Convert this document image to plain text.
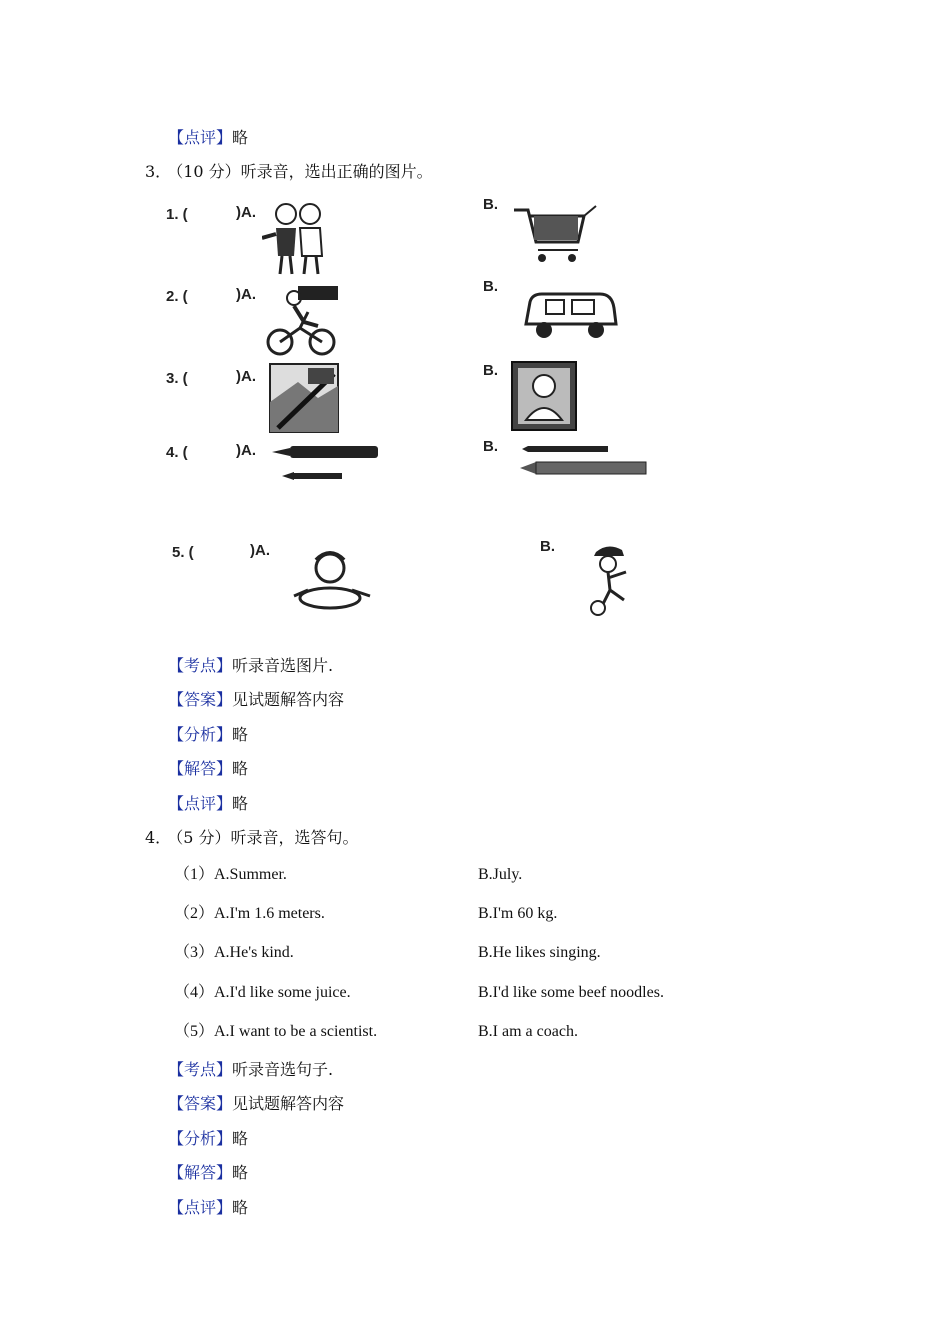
【点评】略
3． （10 分）听录音，选出正确的图片。
1. (	)A.	B.
2. (	)A.	B.
3. (	)A.	B.
4. (	)A.	B.
5. (	)A.	B.
【考点】听录音选图片.
【答案】见试题解答内容
【分析】略
【解答】略
【点评】略
4． （5 分）听录音，选答句。
（1）A.Summer.	B.July.
（2）A.I'm 1.6 meters.	B.I'm 60 kg.
（3）A.He's kind.	B.He likes singing.
（4）A.I'd like some juice.	B.I'd like some beef noodles.
（5）A.I want to be a scientist.	B.I am a coach.
【考点】听录音选句子.
【答案】见试题解答内容
【分析】略
【解答】略
【点评】略
